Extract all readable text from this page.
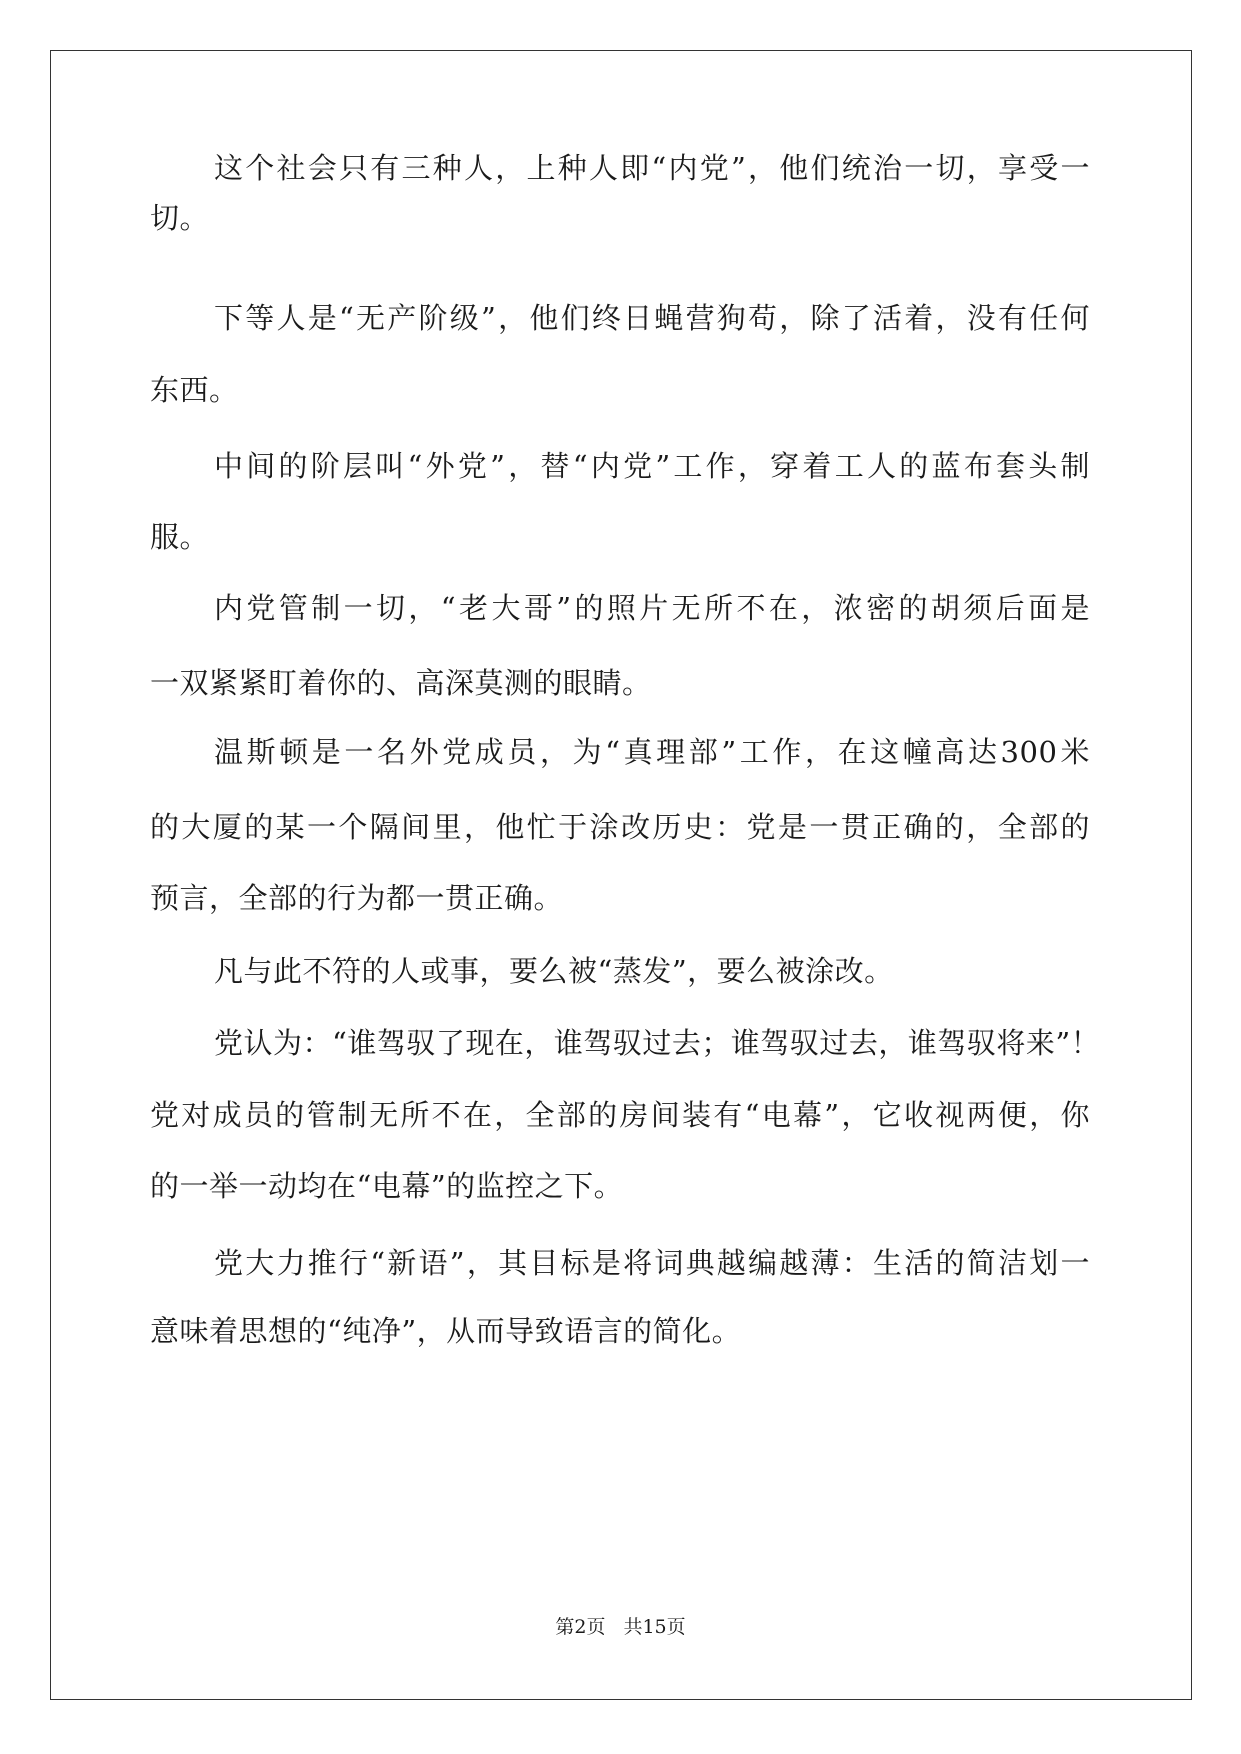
这个社会只有三种人，上种人即“内党”，他们统治一切，享受一
切。
下等人是“无产阶级”，他们终日蝇营狗苟，除了活着，没有任何
东西。
中间的阶层叫“外党”，替“内党”工作，穿着工人的蓝布套头制
服。
内党管制一切，“老大哥”的照片无所不在，浓密的胡须后面是
一双紧紧盯着你的、高深莫测的眼睛。
温斯顿是一名外党成员，为“真理部”工作，在这幢高达300米
的大厦的某一个隔间里，他忙于涂改历史：党是一贯正确的，全部的
预言，全部的行为都一贯正确。
凡与此不符的人或事，要么被“蒸发”，要么被涂改。
党认为：“谁驾驭了现在，谁驾驭过去；谁驾驭过去，谁驾驭将来”！
党对成员的管制无所不在，全部的房间装有“电幕”，它收视两便，你
的一举一动均在“电幕”的监控之下。
党大力推行“新语”，其目标是将词典越编越薄：生活的简洁划一
意味着思想的“纯净”，从而导致语言的简化。
第2页 共15页
